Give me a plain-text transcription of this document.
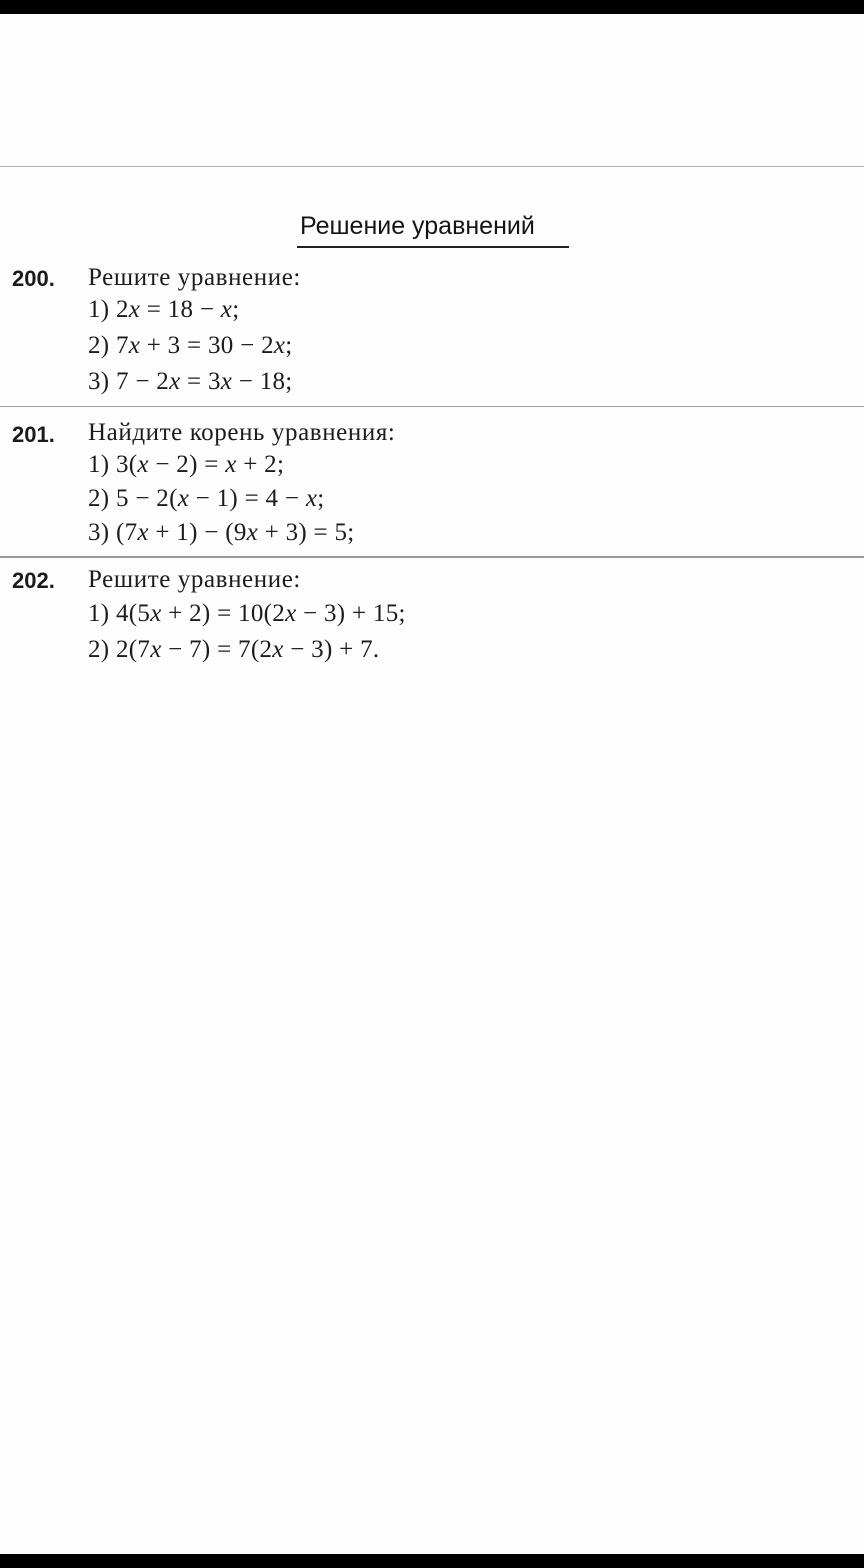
Решение уравнений
200. Решите уравнение:
1) 2x = 18 − x;
2) 7x + 3 = 30 − 2x;
3) 7 − 2x = 3x − 18;
201. Найдите корень уравнения:
1) 3(x − 2) = x + 2;
2) 5 − 2(x − 1) = 4 − x;
3) (7x + 1) − (9x + 3) = 5;
202. Решите уравнение:
1) 4(5x + 2) = 10(2x − 3) + 15;
2) 2(7x − 7) = 7(2x − 3) + 7.
